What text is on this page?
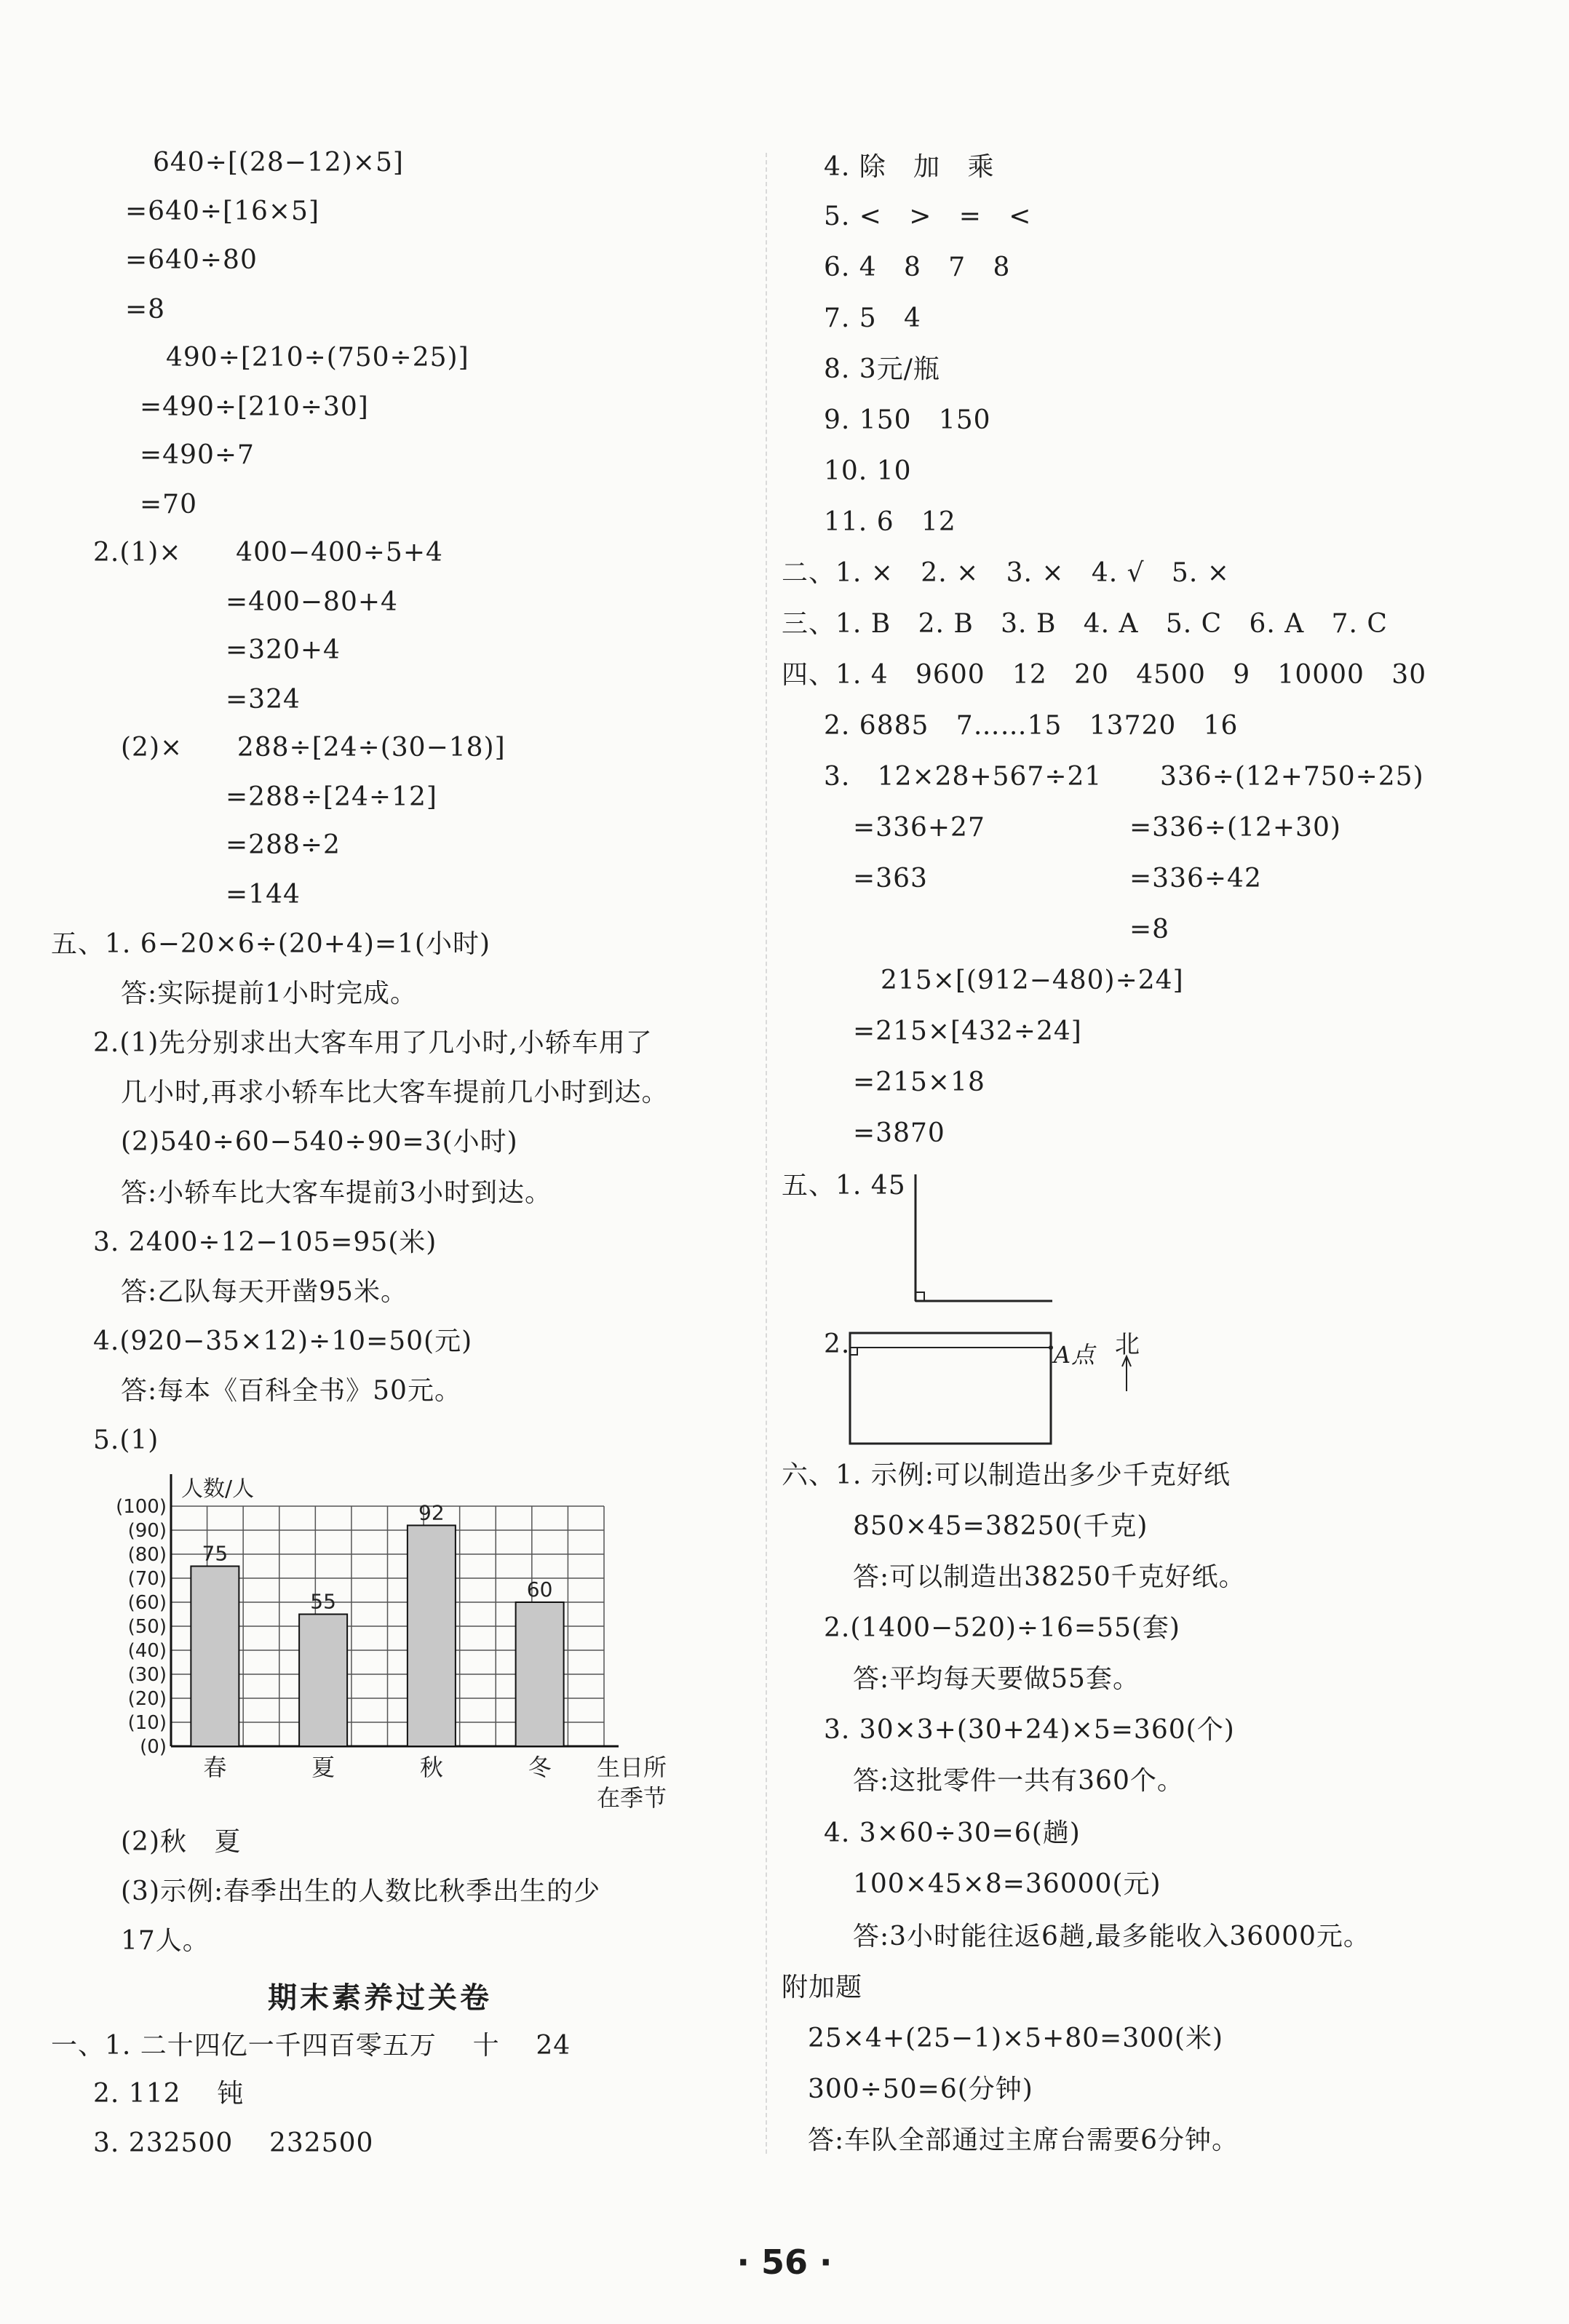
640÷[(28−12)×5]
=640÷[16×5]
=640÷80
=8
490÷[210÷(750÷25)]
=490÷[210÷30]
=490÷7
=70
2.(1)×      400−400÷5+4
=400−80+4
=320+4
=324
(2)×      288÷[24÷(30−18)]
=288÷[24÷12]
=288÷2
=144
五、1. 6−20×6÷(20+4)=1(小时)
答:实际提前1小时完成。
2.(1)先分别求出大客车用了几小时,小轿车用了
几小时,再求小轿车比大客车提前几小时到达。
(2)540÷60−540÷90=3(小时)
答:小轿车比大客车提前3小时到达。
3. 2400÷12−105=95(米)
答:乙队每天开凿95米。
4.(920−35×12)÷10=50(元)
答:每本《百科全书》50元。
5.(1)
(0)
(10)
(20)
(30)
(40)
(50)
(60)
(70)
(80)
(90)
(100)
人数/人
75
春
55
夏
92
秋
60
冬 生日所
在季节
(2)秋   夏
(3)示例:春季出生的人数比秋季出生的少
17人。
期末素养过关卷
一、1. 二十四亿一千四百零五万    十    24
2. 112    钝
3. 232500    232500
4. 除   加   乘
5. <   >   =   <
6. 4   8   7   8
7. 5   4
8. 3元/瓶
9. 150   150
10. 10
11. 6   12
二、1. ×   2. ×   3. ×   4. √   5. ×
三、1. B   2. B   3. B   4. A   5. C   6. A   7. C
四、1. 4   9600   12   20   4500   9   10000   30
2. 6885   7……15   13720   16
3.   12×28+567÷21
=336+27
=363
336÷(12+750÷25)
=336÷(12+30)
=336÷42
=8
215×[(912−480)÷24]
=215×[432÷24]
=215×18
=3870
五、1. 45
2.	A点 北
六、1. 示例:可以制造出多少千克好纸
850×45=38250(千克)
答:可以制造出38250千克好纸。
2.(1400−520)÷16=55(套)
答:平均每天要做55套。
3. 30×3+(30+24)×5=360(个)
答:这批零件一共有360个。
4. 3×60÷30=6(趟)
100×45×8=36000(元)
答:3小时能往返6趟,最多能收入36000元。
附加题
25×4+(25−1)×5+80=300(米)
300÷50=6(分钟)
答:车队全部通过主席台需要6分钟。
· 56 ·
